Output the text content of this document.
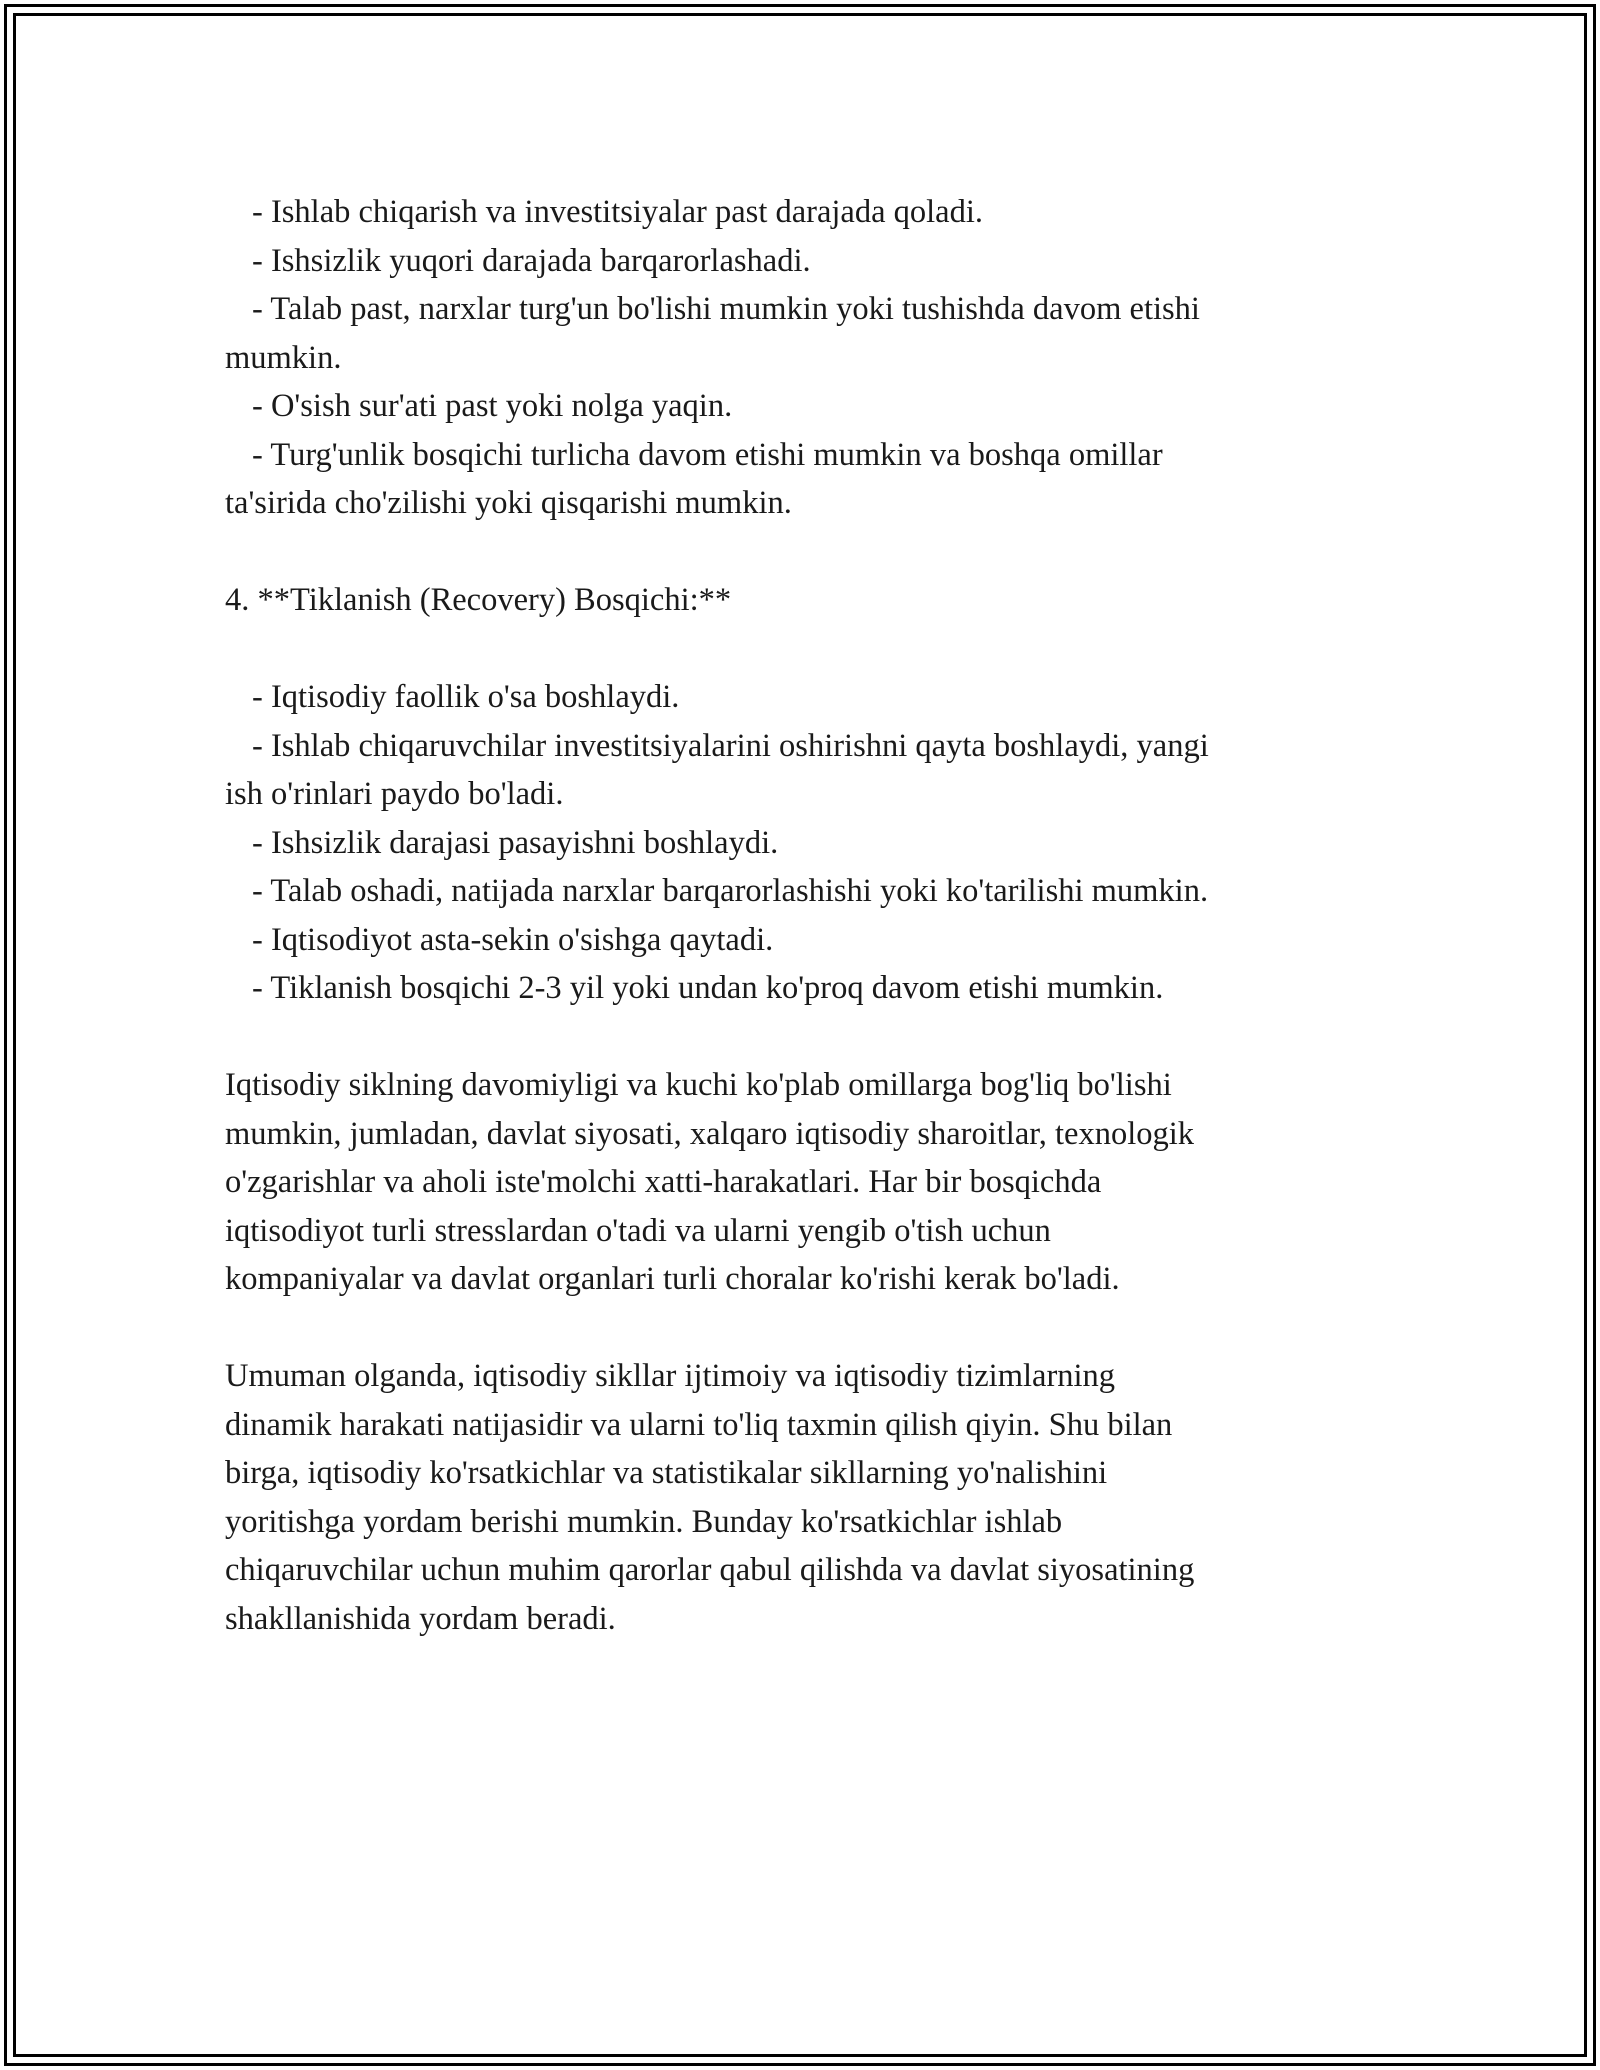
- Ishlab chiqarish va investitsiyalar past darajada qoladi.

- Ishsizlik yuqori darajada barqarorlashadi.

- Talab past, narxlar turg'un bo'lishi mumkin yoki tushishda davom etishi

mumkin.

- O'sish sur'ati past yoki nolga yaqin.

- Turg'unlik bosqichi turlicha davom etishi mumkin va boshqa omillar

ta'sirida cho'zilishi yoki qisqarishi mumkin.

4. **Tiklanish (Recovery) Bosqichi:**

- Iqtisodiy faollik o'sa boshlaydi.

- Ishlab chiqaruvchilar investitsiyalarini oshirishni qayta boshlaydi, yangi

ish o'rinlari paydo bo'ladi.

- Ishsizlik darajasi pasayishni boshlaydi.

- Talab oshadi, natijada narxlar barqarorlashishi yoki ko'tarilishi mumkin.

- Iqtisodiyot asta-sekin o'sishga qaytadi.

- Tiklanish bosqichi 2-3 yil yoki undan ko'proq davom etishi mumkin.

Iqtisodiy siklning davomiyligi va kuchi ko'plab omillarga bog'liq bo'lishi

mumkin, jumladan, davlat siyosati, xalqaro iqtisodiy sharoitlar, texnologik

o'zgarishlar va aholi iste'molchi xatti-harakatlari. Har bir bosqichda

iqtisodiyot turli stresslardan o'tadi va ularni yengib o'tish uchun

kompaniyalar va davlat organlari turli choralar ko'rishi kerak bo'ladi.

Umuman olganda, iqtisodiy sikllar ijtimoiy va iqtisodiy tizimlarning

dinamik harakati natijasidir va ularni to'liq taxmin qilish qiyin. Shu bilan

birga, iqtisodiy ko'rsatkichlar va statistikalar sikllarning yo'nalishini

yoritishga yordam berishi mumkin. Bunday ko'rsatkichlar ishlab

chiqaruvchilar uchun muhim qarorlar qabul qilishda va davlat siyosatining

shakllanishida yordam beradi.
